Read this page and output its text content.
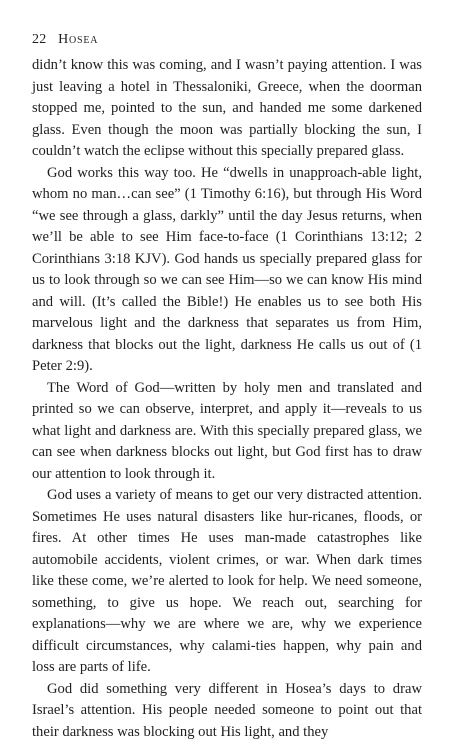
22 Hosea

didn’t know this was coming, and I wasn’t paying attention. I was just leaving a hotel in Thessaloniki, Greece, when the doorman stopped me, pointed to the sun, and handed me some darkened glass. Even though the moon was partially blocking the sun, I couldn’t watch the eclipse without this specially prepared glass.

God works this way too. He “dwells in unapproach-able light, whom no man…can see” (1 Timothy 6:16), but through His Word “we see through a glass, darkly” until the day Jesus returns, when we’ll be able to see Him face-to-face (1 Corinthians 13:12; 2 Corinthians 3:18 KJV). God hands us specially prepared glass for us to look through so we can see Him—so we can know His mind and will. (It’s called the Bible!) He enables us to see both His marvelous light and the darkness that separates us from Him, darkness that blocks out the light, darkness He calls us out of (1 Peter 2:9).

The Word of God—written by holy men and translated and printed so we can observe, interpret, and apply it—reveals to us what light and darkness are. With this specially prepared glass, we can see when darkness blocks out light, but God first has to draw our attention to look through it.

God uses a variety of means to get our very distracted attention. Sometimes He uses natural disasters like hur-ricanes, floods, or fires. At other times He uses man-made catastrophes like automobile accidents, violent crimes, or war. When dark times like these come, we’re alerted to look for help. We need someone, something, to give us hope. We reach out, searching for explanations—why we are where we are, why we experience difficult circumstances, why calami-ties happen, why pain and loss are parts of life.

God did something very different in Hosea’s days to draw Israel’s attention. His people needed someone to point out that their darkness was blocking out His light, and they
